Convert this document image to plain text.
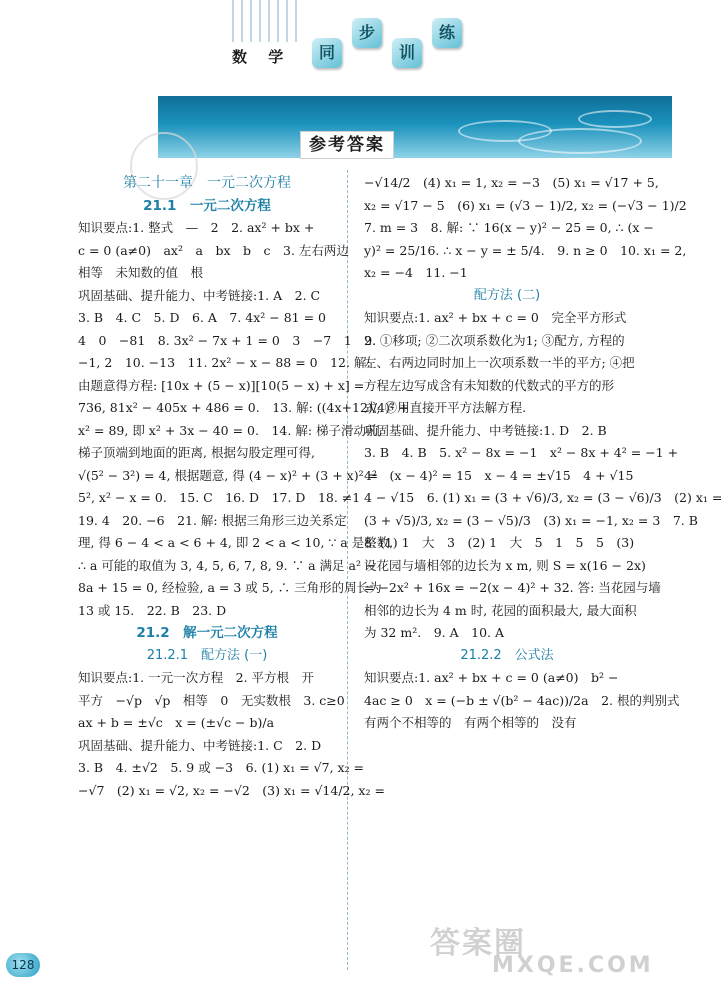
数 学	同
步
训
练
参考答案
第二十一章　一元二次方程
21.1　一元二次方程
知识要点:1. 整式　—　2　2. ax² + bx +
c = 0 (a≠0)　ax²　a　bx　b　c　3. 左右两边
相等　未知数的值　根
巩固基础、提升能力、中考链接:1. A　2. C
3. B　4. C　5. D　6. A　7. 4x² − 81 = 0
4　0　−81　8. 3x² − 7x + 1 = 0　3　−7　1　9.
−1, 2　10. −13　11. 2x² − x − 88 = 0　12. 解:
由题意得方程: [10x + (5 − x)][10(5 − x) + x] =
736, 81x² − 405x + 486 = 0.　13. 解: ((4x+12)/4)² +
x² = 89, 即 x² + 3x − 40 = 0.　14. 解: 梯子滑动前,
梯子顶端到地面的距离, 根据勾股定理可得,
√(5² − 3²) = 4, 根据题意, 得 (4 − x)² + (3 + x)² =
5², x² − x = 0.　15. C　16. D　17. D　18. ≠1
19. 4　20. −6　21. 解: 根据三角形三边关系定
理, 得 6 − 4 < a < 6 + 4, 即 2 < a < 10, ∵ a 是整数,
∴ a 可能的取值为 3, 4, 5, 6, 7, 8, 9. ∵ a 满足 a² −
8a + 15 = 0, 经检验, a = 3 或 5, ∴ 三角形的周长为
13 或 15.　22. B　23. D
21.2　解一元二次方程
21.2.1　配方法 (一)
知识要点:1. 一元一次方程　2. 平方根　开
平方　−√p　√p　相等　0　无实数根　3. c≥0
ax + b = ±√c　x = (±√c − b)/a
巩固基础、提升能力、中考链接:1. C　2. D
3. B　4. ±√2　5. 9 或 −3　6. (1) x₁ = √7, x₂ =
−√7　(2) x₁ = √2, x₂ = −√2　(3) x₁ = √14/2, x₂ =
−√14/2　(4) x₁ = 1, x₂ = −3　(5) x₁ = √17 + 5,
x₂ = √17 − 5　(6) x₁ = (√3 − 1)/2, x₂ = (−√3 − 1)/2
7. m = 3　8. 解: ∵ 16(x − y)² − 25 = 0, ∴ (x −
y)² = 25/16. ∴ x − y = ± 5/4.　9. n ≥ 0　10. x₁ = 2,
x₂ = −4　11. −1
配方法 (二)
知识要点:1. ax² + bx + c = 0　完全平方形式
2. ①移项; ②二次项系数化为1; ③配方, 方程的
左、右两边同时加上一次项系数一半的平方; ④把
方程左边写成含有未知数的代数式的平方的形
式; ⑤用直接开平方法解方程.
巩固基础、提升能力、中考链接:1. D　2. B
3. B　4. B　5. x² − 8x = −1　x² − 8x + 4² = −1 +
4²　(x − 4)² = 15　x − 4 = ±√15　4 + √15
4 − √15　6. (1) x₁ = (3 + √6)/3, x₂ = (3 − √6)/3　(2) x₁ =
(3 + √5)/3, x₂ = (3 − √5)/3　(3) x₁ = −1, x₂ = 3　7. B
8. (1) 1　大　3　(2) 1　大　5　1　5　5　(3)
设花园与墙相邻的边长为 x m, 则 S = x(16 − 2x)
= −2x² + 16x = −2(x − 4)² + 32. 答: 当花园与墙
相邻的边长为 4 m 时, 花园的面积最大, 最大面积
为 32 m².　9. A　10. A
21.2.2　公式法
知识要点:1. ax² + bx + c = 0 (a≠0)　b² −
4ac ≥ 0　x = (−b ± √(b² − 4ac))/2a　2. 根的判别式
有两个不相等的　有两个相等的　没有
128
答案圈
MXQE.COM
